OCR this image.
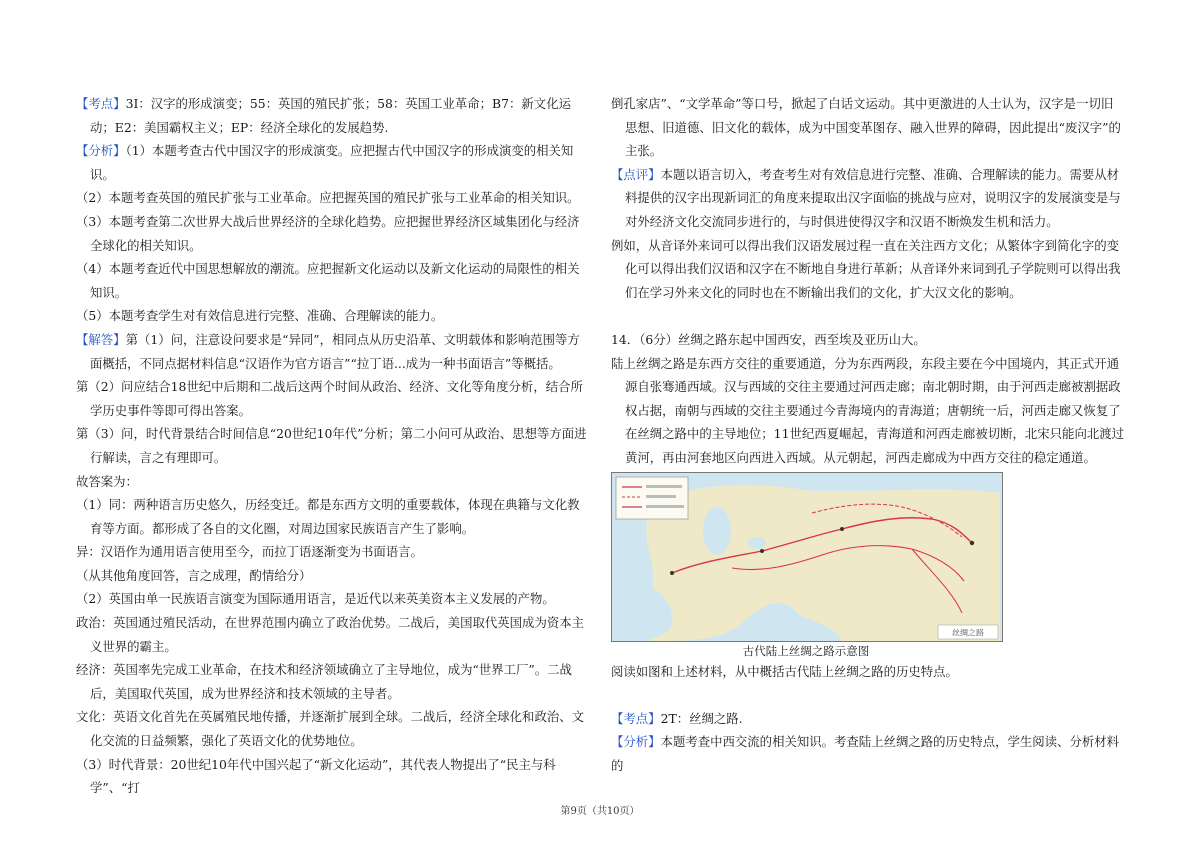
【考点】3I：汉字的形成演变；55：英国的殖民扩张；58：英国工业革命；B7：新文化运动；E2：美国霸权主义；EP：经济全球化的发展趋势.

【分析】（1）本题考查古代中国汉字的形成演变。应把握古代中国汉字的形成演变的相关知识。

（2）本题考查英国的殖民扩张与工业革命。应把握英国的殖民扩张与工业革命的相关知识。

（3）本题考查第二次世界大战后世界经济的全球化趋势。应把握世界经济区域集团化与经济全球化的相关知识。

（4）本题考查近代中国思想解放的潮流。应把握新文化运动以及新文化运动的局限性的相关知识。

（5）本题考查学生对有效信息进行完整、准确、合理解读的能力。

【解答】第（1）问，注意设问要求是“异同”，相同点从历史沿革、文明载体和影响范围等方面概括，不同点据材料信息“汉语作为官方语言”“拉丁语...成为一种书面语言”等概括。

第（2）问应结合18世纪中后期和二战后这两个时间从政治、经济、文化等角度分析，结合所学历史事件等即可得出答案。

第（3）问，时代背景结合时间信息“20世纪10年代”分析；第二小问可从政治、思想等方面进行解读，言之有理即可。

故答案为：

（1）同：两种语言历史悠久，历经变迁。都是东西方文明的重要载体，体现在典籍与文化教育等方面。都形成了各自的文化圈，对周边国家民族语言产生了影响。

异：汉语作为通用语言使用至今，而拉丁语逐渐变为书面语言。

（从其他角度回答，言之成理，酌情给分）

（2）英国由单一民族语言演变为国际通用语言，是近代以来英美资本主义发展的产物。

政治：英国通过殖民活动，在世界范围内确立了政治优势。二战后，美国取代英国成为资本主义世界的霸主。

经济：英国率先完成工业革命，在技术和经济领域确立了主导地位，成为“世界工厂”。二战后，美国取代英国，成为世界经济和技术领域的主导者。

文化：英语文化首先在英属殖民地传播，并逐渐扩展到全球。二战后，经济全球化和政治、文化交流的日益频繁，强化了英语文化的优势地位。

（3）时代背景：20世纪10年代中国兴起了“新文化运动”，其代表人物提出了“民主与科学”、“打

倒孔家店”、“文学革命”等口号，掀起了白话文运动。其中更激进的人士认为，汉字是一切旧思想、旧道德、旧文化的载体，成为中国变革图存、融入世界的障碍，因此提出“废汉字”的主张。

【点评】本题以语言切入，考查考生对有效信息进行完整、准确、合理解读的能力。需要从材料提供的汉字出现新词汇的角度来提取出汉字面临的挑战与应对，说明汉字的发展演变是与对外经济文化交流同步进行的，与时俱进使得汉字和汉语不断焕发生机和活力。

例如，从音译外来词可以得出我们汉语发展过程一直在关注西方文化；从繁体字到简化字的变化可以得出我们汉语和汉字在不断地自身进行革新；从音译外来词到孔子学院则可以得出我们在学习外来文化的同时也在不断输出我们的文化，扩大汉文化的影响。

14．（6分）丝绸之路东起中国西安，西至埃及亚历山大。

陆上丝绸之路是东西方交往的重要通道，分为东西两段，东段主要在今中国境内，其正式开通源自张骞通西域。汉与西域的交往主要通过河西走廊；南北朝时期，由于河西走廊被割据政权占据，南朝与西域的交往主要通过今青海境内的青海道；唐朝统一后，河西走廊又恢复了在丝绸之路中的主导地位；11世纪西夏崛起，青海道和河西走廊被切断，北宋只能向北渡过黄河，再由河套地区向西进入西域。从元朝起，河西走廊成为中西方交往的稳定通道。

丝绸之路
古代陆上丝绸之路示意图

阅读如图和上述材料，从中概括古代陆上丝绸之路的历史特点。

【考点】2T：丝绸之路.

【分析】本题考查中西交流的相关知识。考查陆上丝绸之路的历史特点，学生阅读、分析材料的

第9页（共10页）
